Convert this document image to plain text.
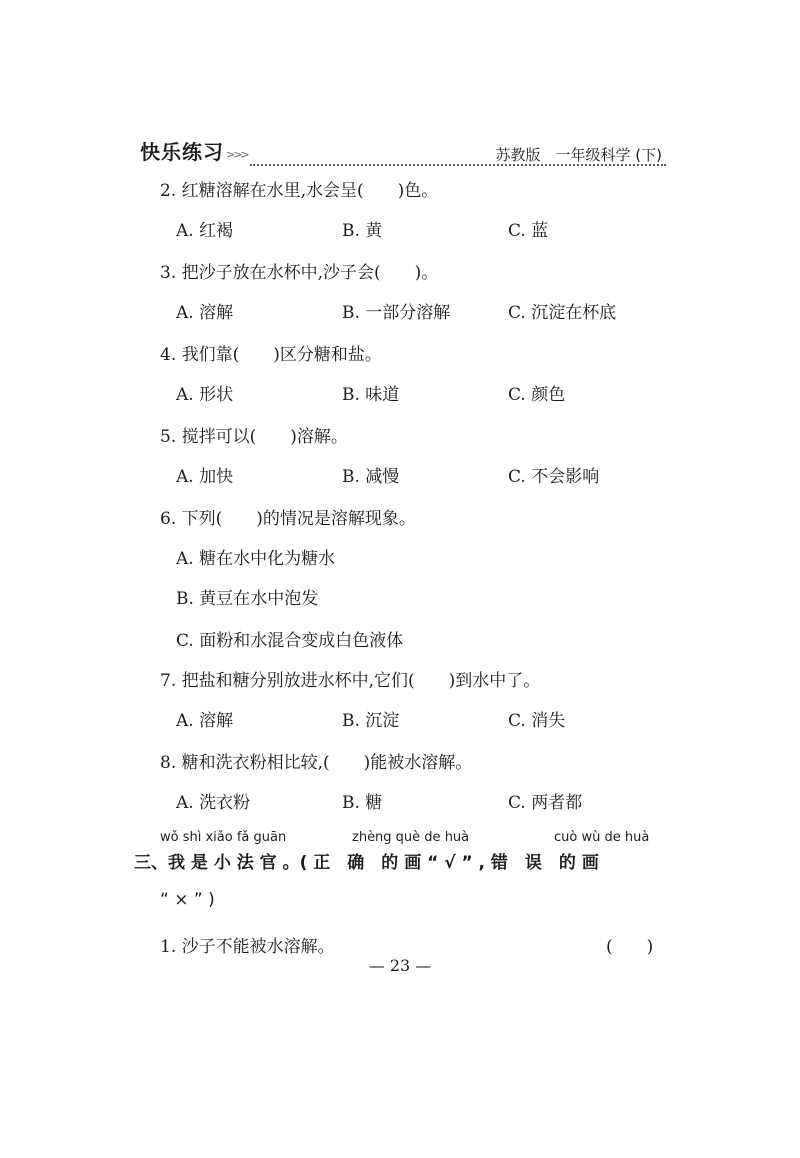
快乐练习 >>>	苏教版　一年级科学 (下)
2. 红糖溶解在水里,水会呈(　　)色。
A. 红褐	B. 黄	C. 蓝
3. 把沙子放在水杯中,沙子会(　　)。
A. 溶解	B. 一部分溶解	C. 沉淀在杯底
4. 我们靠(　　)区分糖和盐。
A. 形状	B. 味道	C. 颜色
5. 搅拌可以(　　)溶解。
A. 加快	B. 减慢	C. 不会影响
6. 下列(　　)的情况是溶解现象。
A. 糖在水中化为糖水
B. 黄豆在水中泡发
C. 面粉和水混合变成白色液体
7. 把盐和糖分别放进水杯中,它们(　　)到水中了。
A. 溶解	B. 沉淀	C. 消失
8. 糖和洗衣粉相比较,(　　)能被水溶解。
A. 洗衣粉	B. 糖	C. 两者都
wǒ shì xiǎo fǎ guān	zhèng què de huà	cuò wù de huà
三、我 是 小 法 官 。( 正　确　的 画 “ √ ” , 错　误　的 画
“ × ” )
1. 沙子不能被水溶解。	(　　)
— 23 —
